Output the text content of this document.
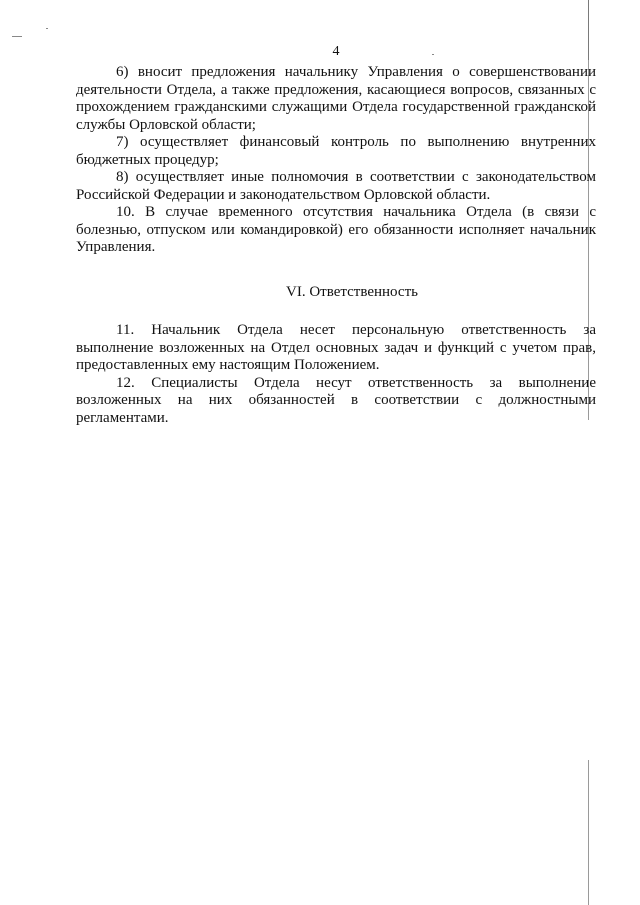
4

6) вносит предложения начальнику Управления о совершенствовании деятельности Отдела, а также предложения, касающиеся вопросов, связанных с прохождением гражданскими служащими Отдела государственной гражданской службы Орловской области;

7) осуществляет финансовый контроль по выполнению внутренних бюджетных процедур;

8) осуществляет иные полномочия в соответствии с законодательством Российской Федерации и законодательством Орловской области.

10. В случае временного отсутствия начальника Отдела (в связи с болезнью, отпуском или командировкой) его обязанности исполняет начальник Управления.

VI. Ответственность

11. Начальник Отдела несет персональную ответственность за выполнение возложенных на Отдел основных задач и функций с учетом прав, предоставленных ему настоящим Положением.

12. Специалисты Отдела несут ответственность за выполнение возложенных на них обязанностей в соответствии с должностными регламентами.
